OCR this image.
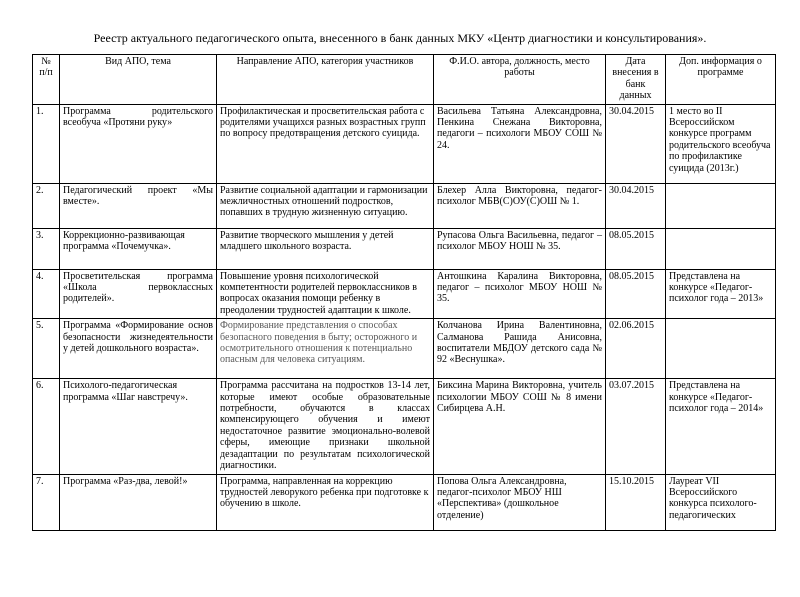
Реестр актуального педагогического опыта, внесенного в банк данных МКУ «Центр диагностики и консультирования».
№ п/п	Вид АПО, тема	Направление АПО, категория участников	Ф.И.О. автора, должность, место работы	Дата внесения в банк данных	Доп. информация о программе
1.	Программа родительского всеобуча «Протяни руку»	Профилактическая и просветительская работа с родителями учащихся разных возрастных групп по вопросу предотвращения детского суицида.	Васильева Татьяна Александровна, Пенкина Снежана Викторовна, педагоги – психологи МБОУ СОШ № 24.	30.04.2015	1 место во II Всероссийском конкурсе программ родительского всеобуча по профилактике суицида (2013г.)
2.	Педагогический проект «Мы вместе».	Развитие социальной адаптации и гармонизации межличностных отношений подростков, попавших в трудную жизненную ситуацию.	Блехер Алла Викторовна, педагог-психолог МБВ(С)ОУ(С)ОШ № 1.	30.04.2015	
3.	Коррекционно-развивающая программа «Почемучка».	Развитие творческого мышления у детей младшего школьного возраста.	Рупасова Ольга Васильевна, педагог – психолог МБОУ НОШ № 35.	08.05.2015	
4.	Просветительская программа «Школа первоклассных родителей».	Повышение уровня психологической компетентности родителей первоклассников в вопросах оказания помощи ребенку в преодолении трудностей адаптации к школе.	Антошкина Каралина Викторовна, педагог – психолог МБОУ НОШ № 35.	08.05.2015	Представлена на конкурсе «Педагог-психолог года – 2013»
5.	Программа «Формирование основ безопасности жизнедеятельности у детей дошкольного возраста».	Формирование представления о способах безопасного поведения в быту; осторожного и осмотрительного отношения к потенциально опасным для человека ситуациям.	Колчанова Ирина Валентиновна, Салманова Рашида Анисовна, воспитатели МБДОУ детского сада № 92 «Веснушка».	02.06.2015	
6.	Психолого-педагогическая программа «Шаг навстречу».	Программа рассчитана на подростков 13-14 лет, которые имеют особые образовательные потребности, обучаются в классах компенсирующего обучения и имеют недостаточное развитие эмоционально-волевой сферы, имеющие признаки школьной дезадаптации по результатам психологической диагностики.	Биксина Марина Викторовна, учитель психологии МБОУ СОШ № 8 имени Сибирцева А.Н.	03.07.2015	Представлена на конкурсе «Педагог-психолог года – 2014»
7.	Программа «Раз-два, левой!»	Программа, направленная на коррекцию трудностей леворукого ребенка при подготовке к обучению в школе.	Попова Ольга Александровна, педагог-психолог МБОУ НШ «Перспектива» (дошкольное отделение)	15.10.2015	Лауреат VII Всероссийского конкурса психолого-педагогических
